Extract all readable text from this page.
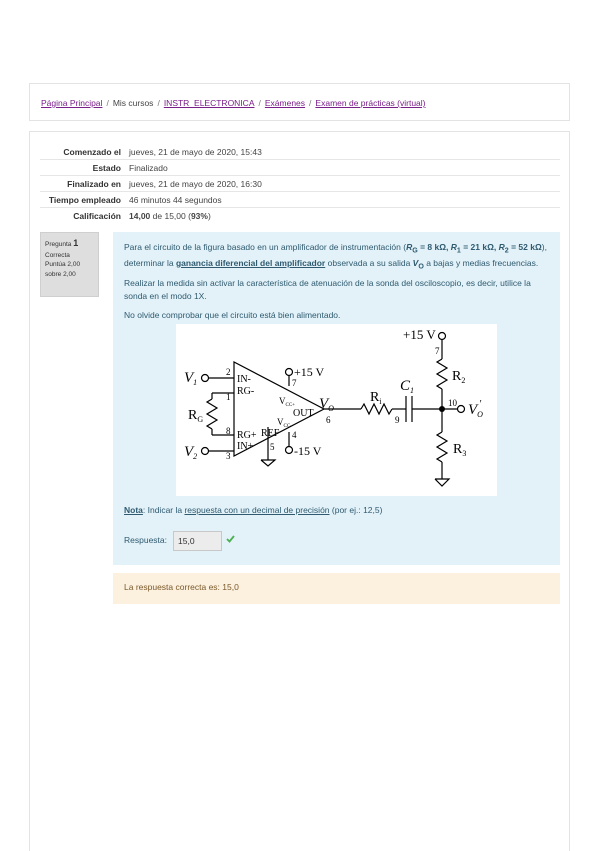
Página Principal / Mis cursos / INSTR_ELECTRONICA / Exámenes / Examen de prácticas (virtual)
Comenzado el	jueves, 21 de mayo de 2020, 15:43
Estado	Finalizado
Finalizado en	jueves, 21 de mayo de 2020, 16:30
Tiempo empleado	46 minutos 44 segundos
Calificación	14,00 de 15,00 (93%)

Pregunta 1

Correcta

Puntúa 2,00 sobre 2,00

Para el circuito de la figura basado en un amplificador de instrumentación ($R_G = 8$ kΩ, $R_1 = 21$ kΩ, $R_2 = 52$ kΩ), determinar la ganancia diferencial del amplificador observada a su salida $V_O$ a bajas y medias frecuencias.

Realizar la medida sin activar la característica de atenuación de la sonda del osciloscopio, es decir, utilice la sonda en el modo 1X.

No olvide comprobar que el circuito está bien alimentado.

$V_1$
$V_2$
2
1
8
3
IN-
RG-
RG+
IN+
$R_G$
7
+15 V
$V_{CC+}$
OUT
$V_{CC-}$
REF
5
4
-15 V
6
$V_O$
$R_i$
9
$C_1$
+15 V
7
$R_2$
10 $V_O'$
$R_3$
Nota: Indicar la respuesta con un decimal de precisión (por ej.: 12,5)
Respuesta:	15,0
La respuesta correcta es: 15,0
